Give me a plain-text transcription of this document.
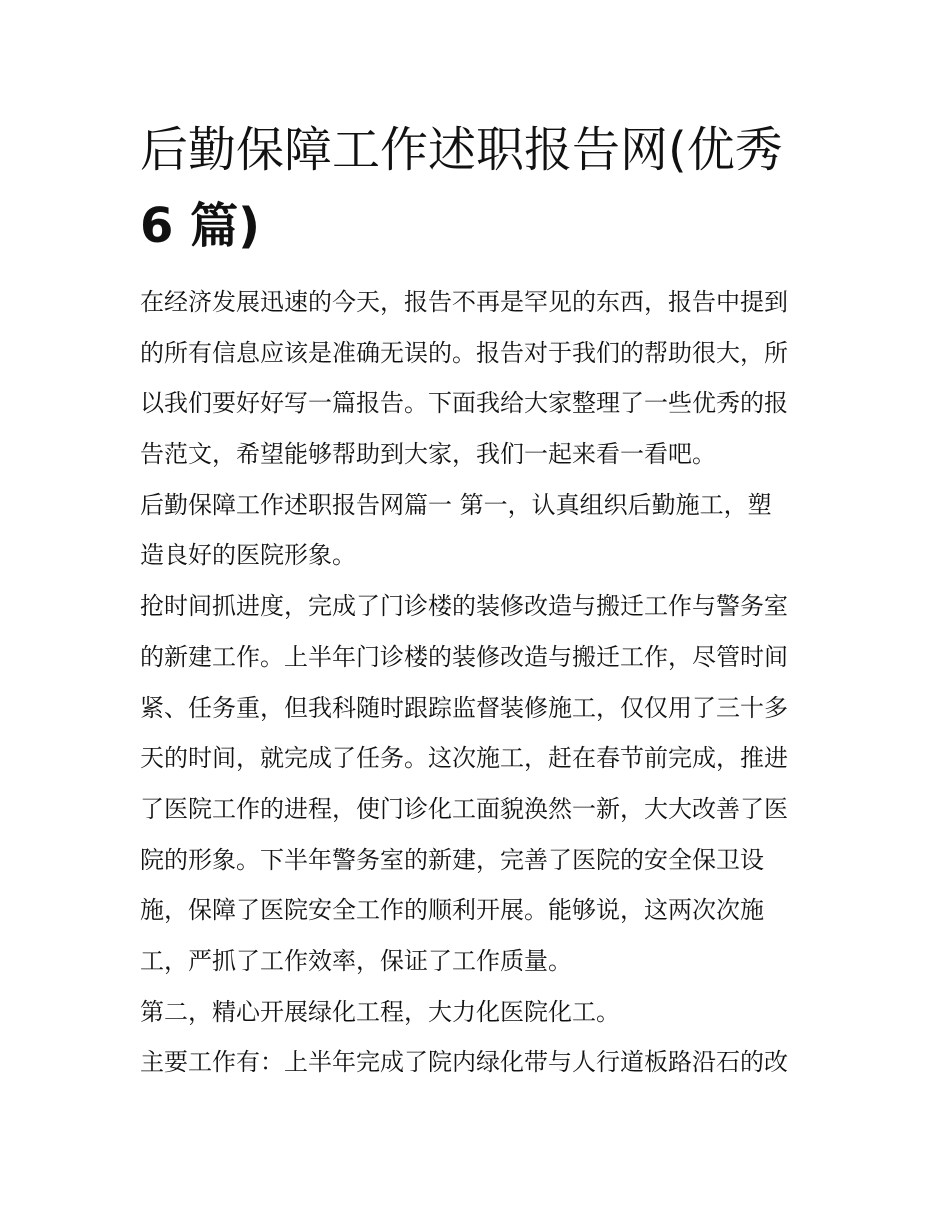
后勤保障工作述职报告网(优秀
6 篇)
在经济发展迅速的今天，报告不再是罕见的东西，报告中提到
的所有信息应该是准确无误的。报告对于我们的帮助很大，所
以我们要好好写一篇报告。下面我给大家整理了一些优秀的报
告范文，希望能够帮助到大家，我们一起来看一看吧。
后勤保障工作述职报告网篇一 第一，认真组织后勤施工，塑
造良好的医院形象。
抢时间抓进度，完成了门诊楼的装修改造与搬迁工作与警务室
的新建工作。上半年门诊楼的装修改造与搬迁工作，尽管时间
紧、任务重，但我科随时跟踪监督装修施工，仅仅用了三十多
天的时间，就完成了任务。这次施工，赶在春节前完成，推进
了医院工作的进程，使门诊化工面貌涣然一新，大大改善了医
院的形象。下半年警务室的新建，完善了医院的安全保卫设
施，保障了医院安全工作的顺利开展。能够说，这两次次施
工，严抓了工作效率，保证了工作质量。
第二，精心开展绿化工程，大力化医院化工。
主要工作有：上半年完成了院内绿化带与人行道板路沿石的改
